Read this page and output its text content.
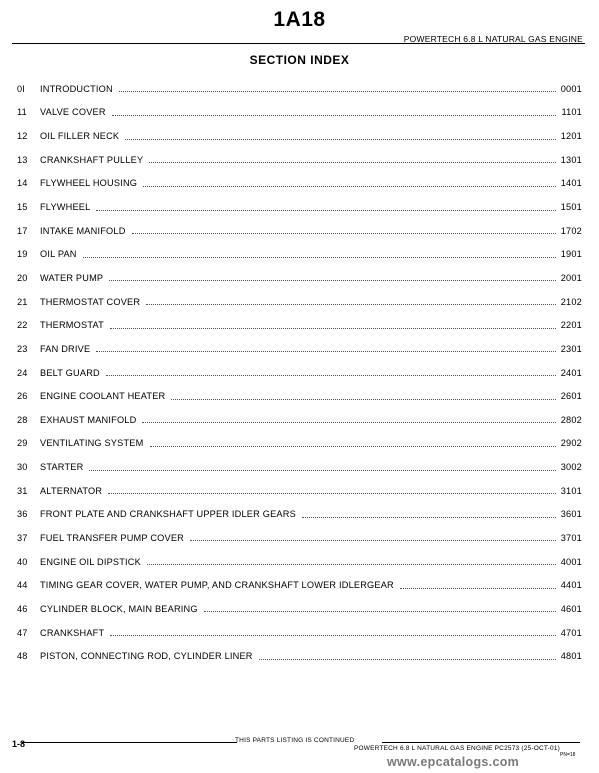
1A18
POWERTECH 6.8 L NATURAL GAS ENGINE
SECTION INDEX
0I	INTRODUCTION	0001
11	VALVE COVER	1101
12	OIL FILLER NECK	1201
13	CRANKSHAFT PULLEY	1301
14	FLYWHEEL HOUSING	1401
15	FLYWHEEL	1501
17	INTAKE MANIFOLD	1702
19	OIL PAN	1901
20	WATER PUMP	2001
21	THERMOSTAT COVER	2102
22	THERMOSTAT	2201
23	FAN DRIVE	2301
24	BELT GUARD	2401
26	ENGINE COOLANT HEATER	2601
28	EXHAUST MANIFOLD	2802
29	VENTILATING SYSTEM	2902
30	STARTER	3002
31	ALTERNATOR	3101
36	FRONT PLATE AND CRANKSHAFT UPPER IDLER GEARS	3601
37	FUEL TRANSFER PUMP COVER	3701
40	ENGINE OIL DIPSTICK	4001
44	TIMING GEAR COVER, WATER PUMP, AND CRANKSHAFT LOWER IDLERGEAR	4401
46	CYLINDER BLOCK, MAIN BEARING	4601
47	CRANKSHAFT	4701
48	PISTON, CONNECTING ROD, CYLINDER LINER	4801
1-8	THIS PARTS LISTING IS CONTINUED
POWERTECH 6.8 L NATURAL GAS ENGINE PC2573 (25-OCT-01)
PN=18
www.epcatalogs.com
